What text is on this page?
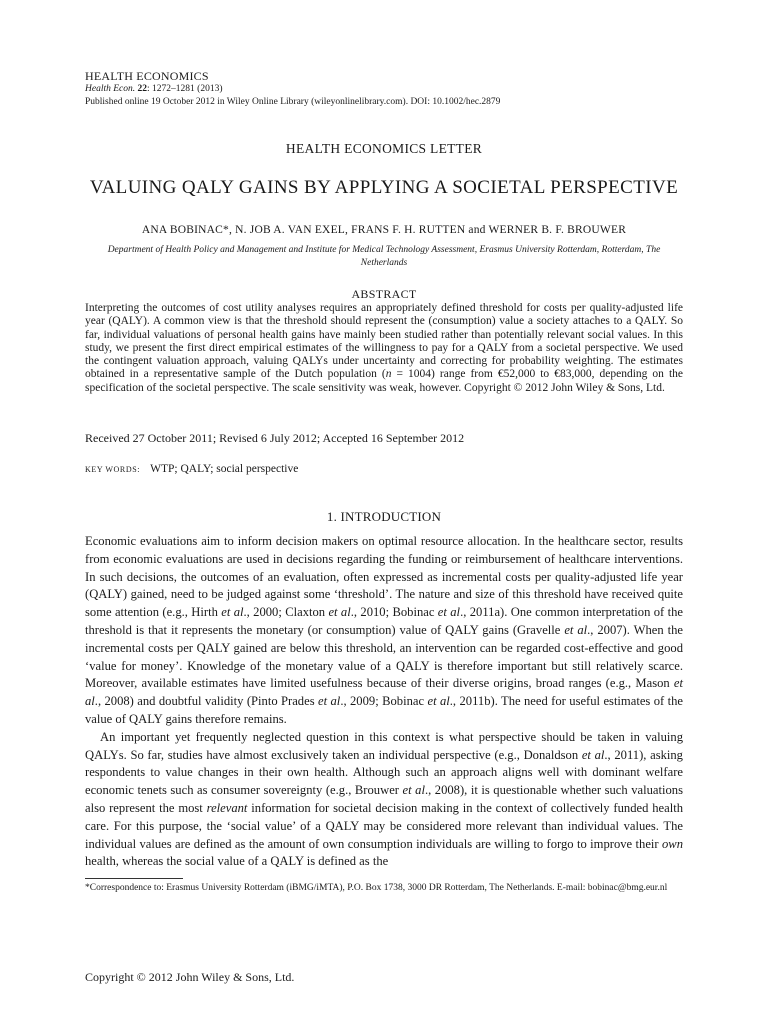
HEALTH ECONOMICS
Health Econ. 22: 1272–1281 (2013)
Published online 19 October 2012 in Wiley Online Library (wileyonlinelibrary.com). DOI: 10.1002/hec.2879
HEALTH ECONOMICS LETTER
VALUING QALY GAINS BY APPLYING A SOCIETAL PERSPECTIVE
ANA BOBINAC*, N. JOB A. VAN EXEL, FRANS F. H. RUTTEN and WERNER B. F. BROUWER
Department of Health Policy and Management and Institute for Medical Technology Assessment, Erasmus University Rotterdam, Rotterdam, The Netherlands
ABSTRACT
Interpreting the outcomes of cost utility analyses requires an appropriately defined threshold for costs per quality-adjusted life year (QALY). A common view is that the threshold should represent the (consumption) value a society attaches to a QALY. So far, individual valuations of personal health gains have mainly been studied rather than potentially relevant social values. In this study, we present the first direct empirical estimates of the willingness to pay for a QALY from a societal perspective. We used the contingent valuation approach, valuing QALYs under uncertainty and correcting for probability weighting. The estimates obtained in a representative sample of the Dutch population (n = 1004) range from €52,000 to €83,000, depending on the specification of the societal perspective. The scale sensitivity was weak, however. Copyright © 2012 John Wiley & Sons, Ltd.
Received 27 October 2011; Revised 6 July 2012; Accepted 16 September 2012
KEY WORDS: WTP; QALY; social perspective
1. INTRODUCTION

Economic evaluations aim to inform decision makers on optimal resource allocation. In the healthcare sector, results from economic evaluations are used in decisions regarding the funding or reimbursement of healthcare interventions. In such decisions, the outcomes of an evaluation, often expressed as incremental costs per quality-adjusted life year (QALY) gained, need to be judged against some ‘threshold’. The nature and size of this threshold have received quite some attention (e.g., Hirth et al., 2000; Claxton et al., 2010; Bobinac et al., 2011a). One common interpretation of the threshold is that it represents the monetary (or consumption) value of QALY gains (Gravelle et al., 2007). When the incremental costs per QALY gained are below this threshold, an intervention can be regarded cost-effective and good ‘value for money’. Knowledge of the monetary value of a QALY is therefore important but still relatively scarce. Moreover, available estimates have limited usefulness because of their diverse origins, broad ranges (e.g., Mason et al., 2008) and doubtful validity (Pinto Prades et al., 2009; Bobinac et al., 2011b). The need for useful estimates of the value of QALY gains therefore remains.

An important yet frequently neglected question in this context is what perspective should be taken in valuing QALYs. So far, studies have almost exclusively taken an individual perspective (e.g., Donaldson et al., 2011), asking respondents to value changes in their own health. Although such an approach aligns well with dominant welfare economic tenets such as consumer sovereignty (e.g., Brouwer et al., 2008), it is questionable whether such valuations also represent the most relevant information for societal decision making in the context of collectively funded health care. For this purpose, the ‘social value’ of a QALY may be considered more relevant than individual values. The individual values are defined as the amount of own consumption individuals are willing to forgo to improve their own health, whereas the social value of a QALY is defined as the

*Correspondence to: Erasmus University Rotterdam (iBMG/iMTA), P.O. Box 1738, 3000 DR Rotterdam, The Netherlands. E-mail: bobinac@bmg.eur.nl
Copyright © 2012 John Wiley & Sons, Ltd.
